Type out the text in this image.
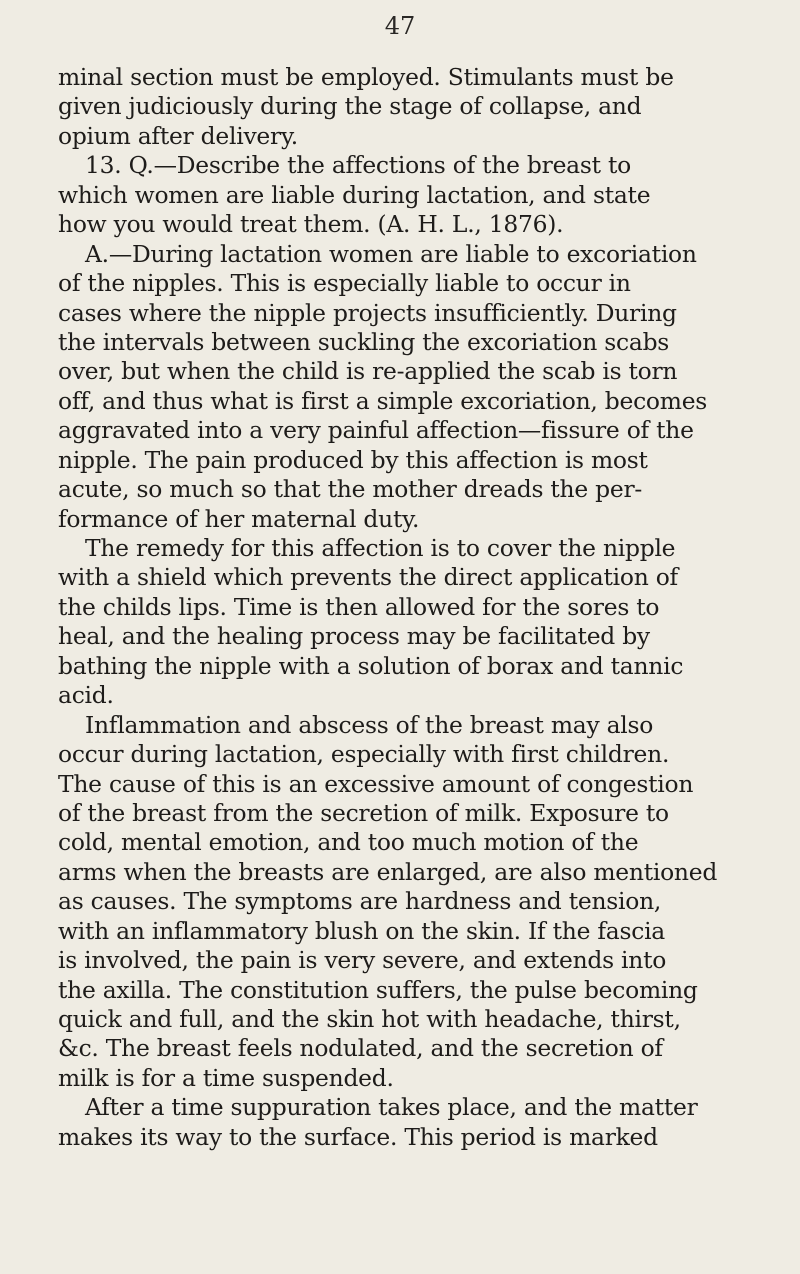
47
minal section must be employed. Stimulants must be
given judiciously during the stage of collapse, and
opium after delivery.
13. Q.—Describe the affections of the breast to
which women are liable during lactation, and state
how you would treat them. (A. H. L., 1876).
A.—During lactation women are liable to excoriation
of the nipples. This is especially liable to occur in
cases where the nipple projects insufficiently. During
the intervals between suckling the excoriation scabs
over, but when the child is re-applied the scab is torn
off, and thus what is first a simple excoriation, becomes
aggravated into a very painful affection—fissure of the
nipple. The pain produced by this affection is most
acute, so much so that the mother dreads the per-
formance of her maternal duty.
The remedy for this affection is to cover the nipple
with a shield which prevents the direct application of
the childs lips. Time is then allowed for the sores to
heal, and the healing process may be facilitated by
bathing the nipple with a solution of borax and tannic
acid.
Inflammation and abscess of the breast may also
occur during lactation, especially with first children.
The cause of this is an excessive amount of congestion
of the breast from the secretion of milk. Exposure to
cold, mental emotion, and too much motion of the
arms when the breasts are enlarged, are also mentioned
as causes. The symptoms are hardness and tension,
with an inflammatory blush on the skin. If the fascia
is involved, the pain is very severe, and extends into
the axilla. The constitution suffers, the pulse becoming
quick and full, and the skin hot with headache, thirst,
&c. The breast feels nodulated, and the secretion of
milk is for a time suspended.
After a time suppuration takes place, and the matter
makes its way to the surface. This period is marked
